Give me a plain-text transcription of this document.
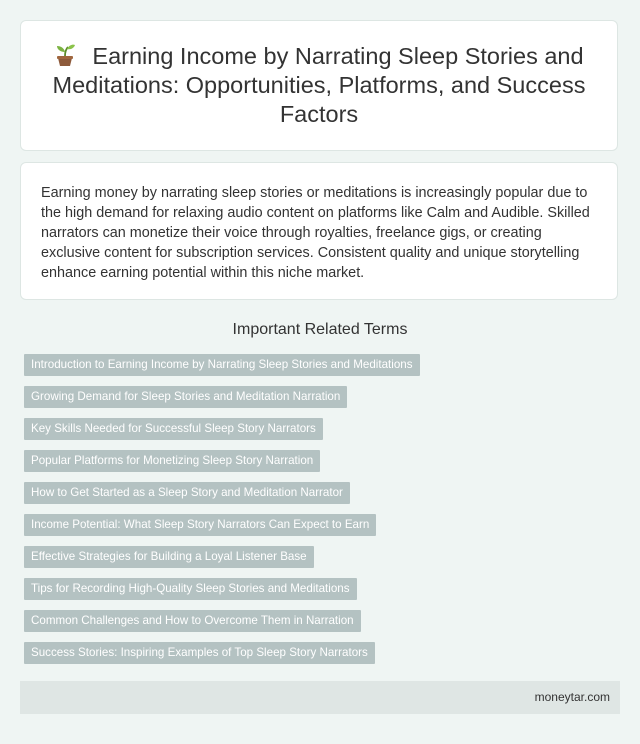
Earning Income by Narrating Sleep Stories and Meditations: Opportunities, Platforms, and Success Factors

Earning money by narrating sleep stories or meditations is increasingly popular due to the high demand for relaxing audio content on platforms like Calm and Audible. Skilled narrators can monetize their voice through royalties, freelance gigs, or creating exclusive content for subscription services. Consistent quality and unique storytelling enhance earning potential within this niche market.

Important Related Terms
Introduction to Earning Income by Narrating Sleep Stories and Meditations
Growing Demand for Sleep Stories and Meditation Narration
Key Skills Needed for Successful Sleep Story Narrators
Popular Platforms for Monetizing Sleep Story Narration
How to Get Started as a Sleep Story and Meditation Narrator
Income Potential: What Sleep Story Narrators Can Expect to Earn
Effective Strategies for Building a Loyal Listener Base
Tips for Recording High-Quality Sleep Stories and Meditations
Common Challenges and How to Overcome Them in Narration
Success Stories: Inspiring Examples of Top Sleep Story Narrators
moneytar.com
